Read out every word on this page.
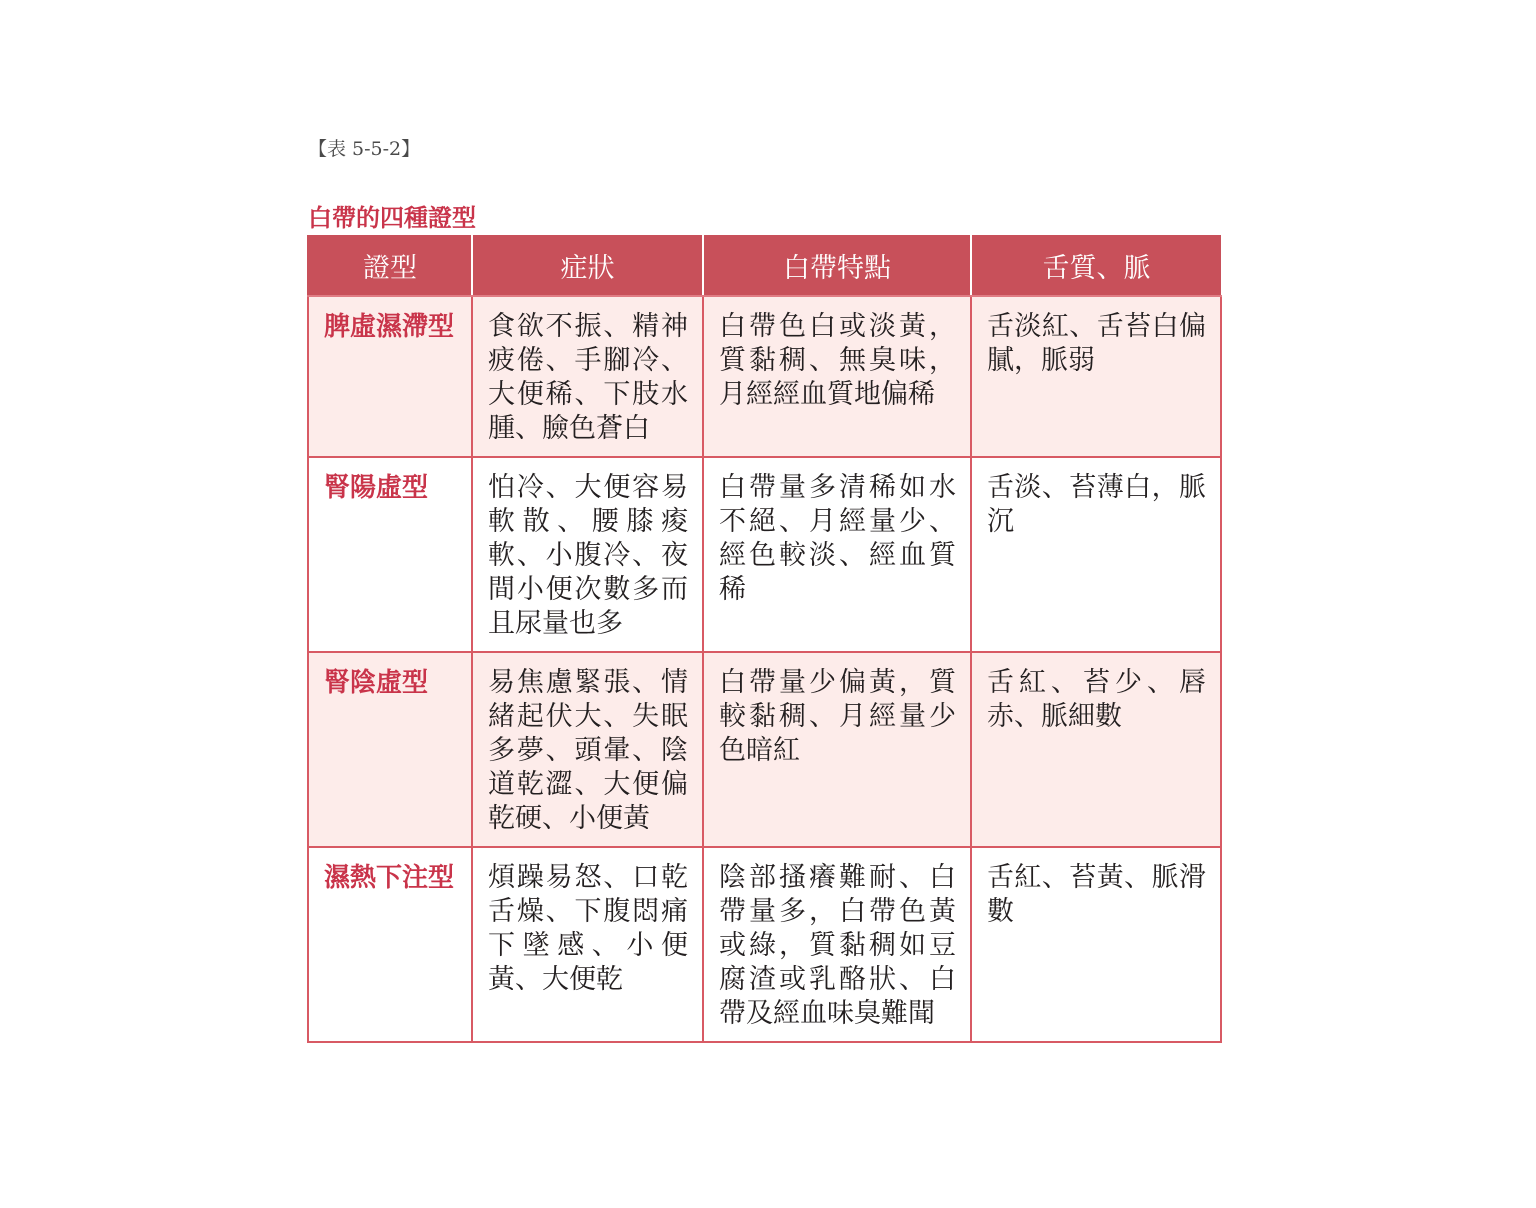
【表 5-5-2】
白帶的四種證型
證型	症狀	白帶特點	舌質、脈
脾虛濕滯型	食欲不振、精神疲倦、手腳冷、大便稀、下肢水腫、臉色蒼白	白帶色白或淡黃，質黏稠、無臭味，月經經血質地偏稀	舌淡紅、舌苔白偏膩，脈弱
腎陽虛型	怕冷、大便容易軟散、腰膝痠軟、小腹冷、夜間小便次數多而且尿量也多	白帶量多清稀如水不絕、月經量少、經色較淡、經血質稀	舌淡、苔薄白，脈沉
腎陰虛型	易焦慮緊張、情緒起伏大、失眠多夢、頭暈、陰道乾澀、大便偏乾硬、小便黃	白帶量少偏黃，質較黏稠、月經量少色暗紅	舌紅、苔少、唇赤、脈細數
濕熱下注型	煩躁易怒、口乾舌燥、下腹悶痛下墜感、小便黃、大便乾	陰部搔癢難耐、白帶量多，白帶色黃或綠，質黏稠如豆腐渣或乳酪狀、白帶及經血味臭難聞	舌紅、苔黃、脈滑數
